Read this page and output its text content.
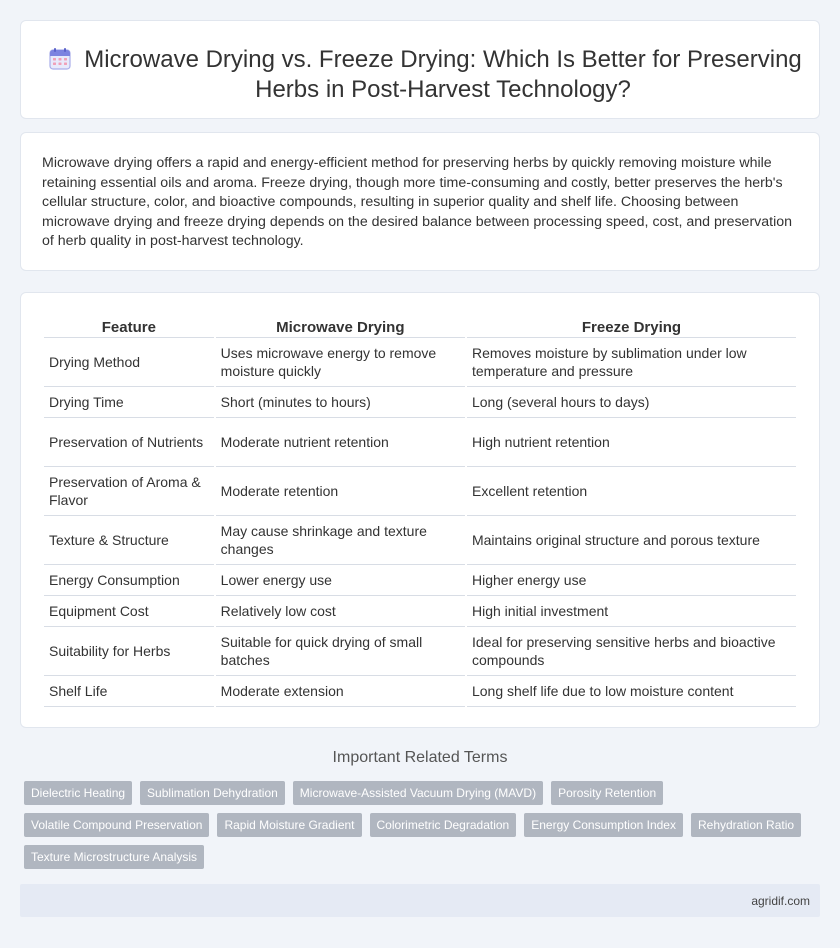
Microwave Drying vs. Freeze Drying: Which Is Better for Preserving Herbs in Post-Harvest Technology?

Microwave drying offers a rapid and energy-efficient method for preserving herbs by quickly removing moisture while retaining essential oils and aroma. Freeze drying, though more time-consuming and costly, better preserves the herb's cellular structure, color, and bioactive compounds, resulting in superior quality and shelf life. Choosing between microwave drying and freeze drying depends on the desired balance between processing speed, cost, and preservation of herb quality in post-harvest technology.

Feature	Microwave Drying	Freeze Drying
Drying Method	Uses microwave energy to remove moisture quickly	Removes moisture by sublimation under low temperature and pressure
Drying Time	Short (minutes to hours)	Long (several hours to days)
Preservation of Nutrients	Moderate nutrient retention	High nutrient retention
Preservation of Aroma & Flavor	Moderate retention	Excellent retention
Texture & Structure	May cause shrinkage and texture changes	Maintains original structure and porous texture
Energy Consumption	Lower energy use	Higher energy use
Equipment Cost	Relatively low cost	High initial investment
Suitability for Herbs	Suitable for quick drying of small batches	Ideal for preserving sensitive herbs and bioactive compounds
Shelf Life	Moderate extension	Long shelf life due to low moisture content
Important Related Terms
Dielectric Heating	Sublimation Dehydration	Microwave-Assisted Vacuum Drying (MAVD)	Porosity Retention
Volatile Compound Preservation	Rapid Moisture Gradient	Colorimetric Degradation	Energy Consumption Index	Rehydration Ratio
Texture Microstructure Analysis
agridif.com
